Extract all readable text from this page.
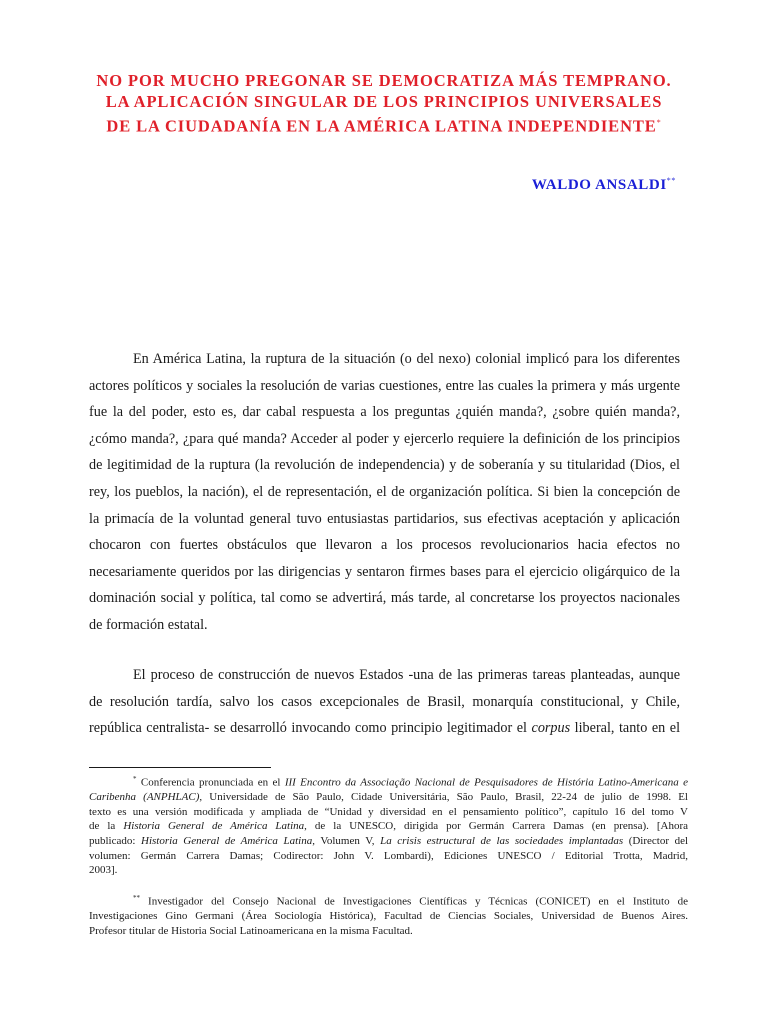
NO POR MUCHO PREGONAR SE DEMOCRATIZA MÁS TEMPRANO.
LA APLICACIÓN SINGULAR DE LOS PRINCIPIOS UNIVERSALES
DE LA CIUDADANÍA EN LA AMÉRICA LATINA INDEPENDIENTE*
WALDO ANSALDI**
En América Latina, la ruptura de la situación (o del nexo) colonial implicó para los diferentes
actores políticos y sociales la resolución de varias cuestiones, entre las cuales la primera y más urgente
fue la del poder, esto es, dar cabal respuesta a los preguntas ¿quién manda?, ¿sobre quién manda?,
¿cómo manda?, ¿para qué manda? Acceder al poder y ejercerlo requiere la definición de los principios
de legitimidad de la ruptura (la revolución de independencia) y de soberanía y su titularidad (Dios, el
rey, los pueblos, la nación), el de representación, el de organización política. Si bien la concepción de
la primacía de la voluntad general tuvo entusiastas partidarios, sus efectivas aceptación y aplicación
chocaron con fuertes obstáculos que llevaron a los procesos revolucionarios hacia efectos no
necesariamente queridos por las dirigencias y sentaron firmes bases para el ejercicio oligárquico de la
dominación social y política, tal como se advertirá, más tarde, al concretarse los proyectos nacionales
de formación estatal.
El proceso de construcción de nuevos Estados -una de las primeras tareas planteadas, aunque
de resolución tardía, salvo los casos excepcionales de Brasil, monarquía constitucional, y Chile,
república centralista- se desarrolló invocando como principio legitimador el corpus liberal, tanto en el
* Conferencia pronunciada en el III Encontro da Associação Nacional de Pesquisadores de História Latino-Americana e
Caribenha (ANPHLAC), Universidade de São Paulo, Cidade Universitária, São Paulo, Brasil, 22-24 de julio de 1998. El
texto es una versión modificada y ampliada de “Unidad y diversidad en el pensamiento político”, capítulo 16 del tomo V
de la Historia General de América Latina, de la UNESCO, dirigida por Germán Carrera Damas (en prensa). [Ahora
publicado: Historia General de América Latina, Volumen V, La crisis estructural de las sociedades implantadas (Director del
volumen: Germán Carrera Damas; Codirector: John V. Lombardi), Ediciones UNESCO / Editorial Trotta, Madrid,
2003].
** Investigador del Consejo Nacional de Investigaciones Científicas y Técnicas (CONICET) en el Instituto de
Investigaciones Gino Germani (Área Sociología Histórica), Facultad de Ciencias Sociales, Universidad de Buenos Aires.
Profesor titular de Historia Social Latinoamericana en la misma Facultad.
